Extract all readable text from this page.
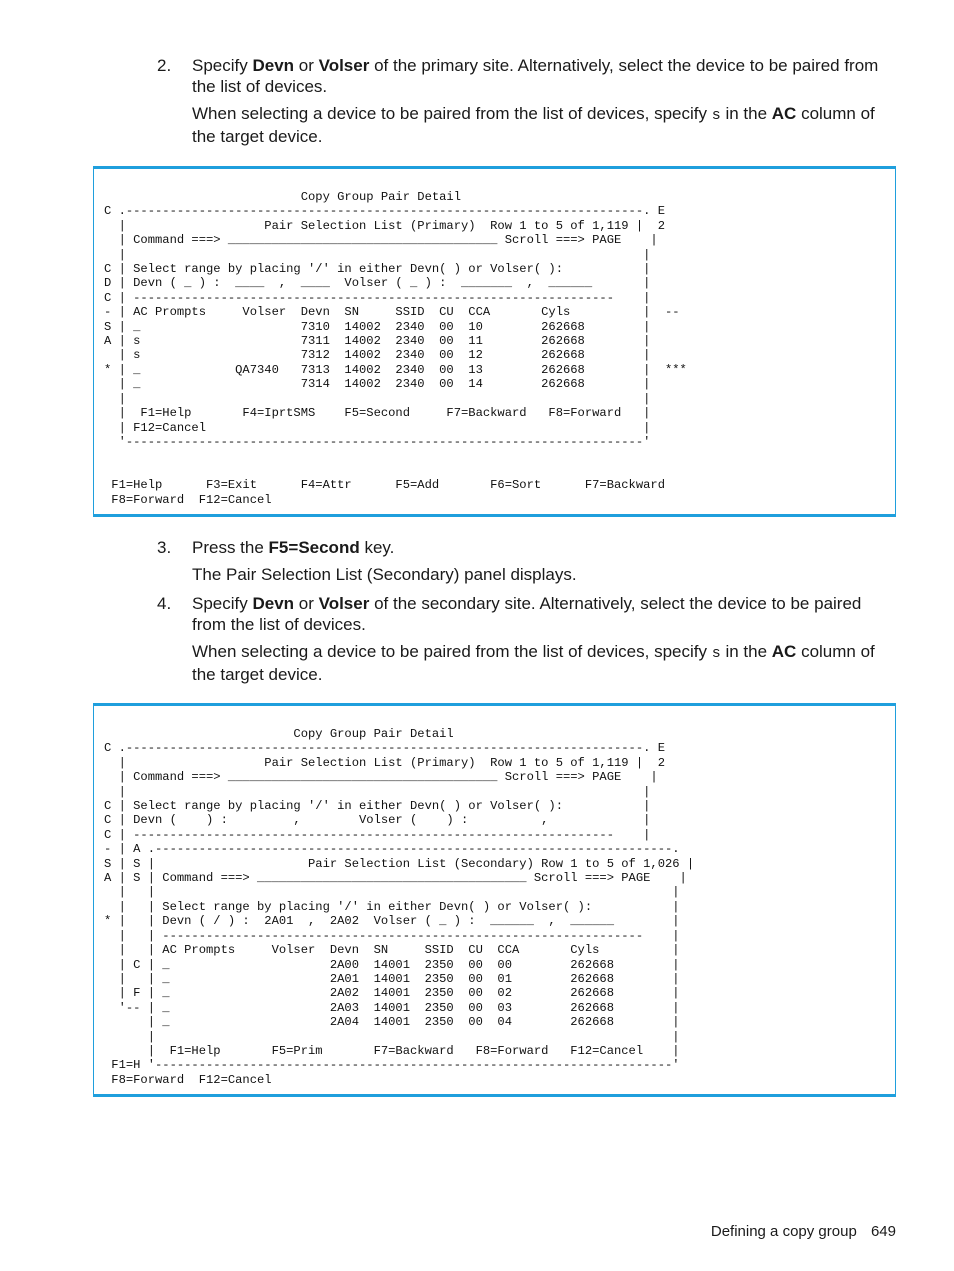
2. Specify Devn or Volser of the primary site. Alternatively, select the device to be paired from the list of devices.
When selecting a device to be paired from the list of devices, specify s in the AC column of the target device.
Copy Group Pair Detail
C .-----------------------------------------------------------------------. E
|                   Pair Selection List (Primary)  Row 1 to 5 of 1,119 |  2
| Command ===> _____________________________________ Scroll ===> PAGE    |
|                                                                       |
C | Select range by placing '/' in either Devn( ) or Volser( ):           |
D | Devn ( _ ) :  ____  ,  ____  Volser ( _ ) :  _______  ,  ______       |
C | ------------------------------------------------------------------    |
- | AC Prompts     Volser  Devn  SN     SSID  CU  CCA       Cyls          |  --
S | _                      7310  14002  2340  00  10        262668        |
A | s                      7311  14002  2340  00  11        262668        |
| s                      7312  14002  2340  00  12        262668        |
* | _             QA7340   7313  14002  2340  00  13        262668        |  ***
| _                      7314  14002  2340  00  14        262668        |
|                                                                       |
|  F1=Help       F4=IprtSMS    F5=Second     F7=Backward   F8=Forward   |
| F12=Cancel                                                            |
'-----------------------------------------------------------------------'

F1=Help      F3=Exit      F4=Attr      F5=Add       F6=Sort      F7=Backward
F8=Forward  F12=Cancel
3. Press the F5=Second key.
The Pair Selection List (Secondary) panel displays.
4. Specify Devn or Volser of the secondary site. Alternatively, select the device to be paired from the list of devices.
When selecting a device to be paired from the list of devices, specify s in the AC column of the target device.
Copy Group Pair Detail
C .-----------------------------------------------------------------------. E
|                   Pair Selection List (Primary)  Row 1 to 5 of 1,119 |  2
| Command ===> _____________________________________ Scroll ===> PAGE    |
|                                                                       |
C | Select range by placing '/' in either Devn( ) or Volser( ):           |
C | Devn (    ) :         ,        Volser (    ) :          ,             |
C | ------------------------------------------------------------------    |
- | A .-----------------------------------------------------------------------.
S | S |                     Pair Selection List (Secondary) Row 1 to 5 of 1,026 |
A | S | Command ===> _____________________________________ Scroll ===> PAGE    |
|   |                                                                       |
|   | Select range by placing '/' in either Devn( ) or Volser( ):           |
* |   | Devn ( / ) :  2A01  ,  2A02  Volser ( _ ) :  ______  ,  ______        |
|   | ------------------------------------------------------------------    |
|   | AC Prompts     Volser  Devn  SN     SSID  CU  CCA       Cyls          |
| C | _                      2A00  14001  2350  00  00        262668        |
|   | _                      2A01  14001  2350  00  01        262668        |
| F | _                      2A02  14001  2350  00  02        262668        |
'-- | _                      2A03  14001  2350  00  03        262668        |
| _                      2A04  14001  2350  00  04        262668        |
|                                                                       |
|  F1=Help       F5=Prim       F7=Backward   F8=Forward   F12=Cancel    |
F1=H '-----------------------------------------------------------------------'
F8=Forward  F12=Cancel
Defining a copy group 649
